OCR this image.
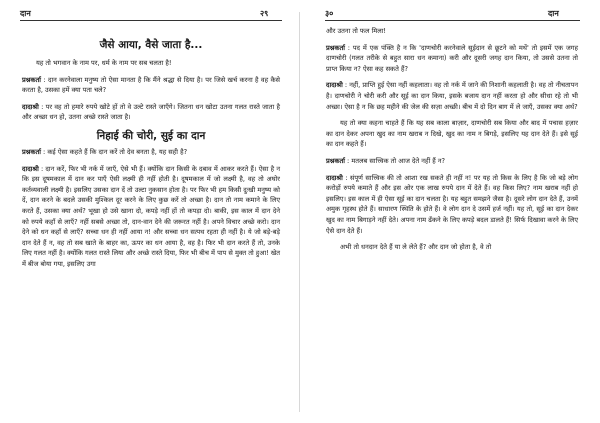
दान	२९
जैसे आया, वैसे जाता है...

यह तो भगवान के नाम पर, धर्म के नाम पर सब चलता है!

प्रश्नकर्ता : दान करनेवाला मनुष्य तो ऐसा मानता है कि मैंने श्रद्धा से दिया है। पर जिसे खर्च करना है वह कैसे करता है, उसका हमें क्या पता चले?

दादाश्री : पर वह तो हमारे रुपये खोटे हों तो वे उल्टे रास्ते जाएँगे। जितना धन खोटा उतना गलत रास्ते जाता है और अच्छा धन हो, उतना अच्छे रास्ते जाता है।

निहाई की चोरी, सुई का दान

प्रश्नकर्ता : कई ऐसा कहते हैं कि दान करें तो देव बनता है, यह सही है?

दादाश्री : दान करें, फिर भी नर्क में जाएँ, ऐसे भी हैं। क्योंकि दान किसी के दबाव में आकर करते हैं। ऐसा है न कि इस दूषमकाल में दान कर पाएँ ऐसी लक्ष्मी ही नहीं होती है। दूषमकाल में जो लक्ष्मी है, वह तो अघोर कर्तव्यवाली लक्ष्मी है। इसलिए उसका दान दें तो उल्टा नुकसान होता है। पर फिर भी हम किसी दुःखी मनुष्य को दें, दान करने के बदले उसकी मुश्किल दूर करने के लिए कुछ करें तो अच्छा है। दान तो नाम कमाने के लिए करते हैं, उसका क्या अर्थ? भूखा हो उसे खाना दो, कपड़े नहीं हों तो कपड़ा दो। बाकी, इस काल में दान देने को रुपये कहाँ से लाएँ? नहीं सबसे अच्छा तो, दान-वान देने की जरूरत नहीं है। अपने विचार अच्छे करो। दान देने को धन कहाँ से लाएँ? सच्चा धन ही नहीं आया न! और सच्चा धन सत्पथ रहता ही नहीं है। ये जो बड़े-बड़े दान देते हैं न, वह तो सब खाते के बाहर का, ऊपर का धन आया है, वह है। फिर भी दान करते हैं तो, उनके लिए गलत नहीं है। क्योंकि गलत रास्ते लिया और अच्छे रास्ते दिया, फिर भी बीच में पाप से मुक्त तो हुआ! खेत में बीज बोया गया, इसलिए उगा

३०	दान

और उतना तो फल मिला!

प्रश्नकर्ता : पद में एक पंक्ति है न कि 'दाणचोरी करनेवाले सूईदान से छूटने को मथें' तो इसमें एक जगह दाणचोरी (गलत तरीके से बहुत सारा धन कमाना) करी और दूसरी जगह दान किया, तो उससे उतना तो प्राप्त किया न? ऐसा कह सकते हैं?

दादाश्री : नहीं, प्राप्ति हुई ऐसा नहीं कहलाता। वह तो नर्क में जाने की निशानी कहलाती है। वह तो नीचतापन है। दाणचोरी ने चोरी करी और सूई का दान किया, इसके बजाय दान नहीं करता हो और सीधा रहे तो भी अच्छा। ऐसा है न कि छह महीने की जेल की सज़ा अच्छी। बीच में दो दिन बाग में ले जाएँ, उसका क्या अर्थ?

यह तो क्या कहना चाहते हैं कि यह सब काला बाज़ार, दाणचोरी सब किया और बाद में पचास हज़ार का दान देकर अपना खुद का नाम खराब न दिखे, खुद का नाम न बिगड़े, इसलिए यह दान देते हैं। इसे सूई का दान कहते हैं।

प्रश्नकर्ता : मतलब सात्त्विक तो आज देते नहीं हैं न?

दादाश्री : संपूर्ण सात्त्विक की तो आशा रख सकते ही नहीं न! पर यह तो किस के लिए है कि जो बड़े लोग करोड़ों रुपये कमाते हैं और इस ओर एक लाख रुपये दान में देते हैं। वह किस लिए? नाम खराब नहीं हो इसलिए। इस काल में ही ऐसा सूई का दान चलता है। यह बहुत समझने जैसा है। दूसरे लोग दान देते हैं, उनमें अमुक गृहस्थ होते हैं। साधारण स्थिति के होते हैं। वे लोग दान दे उसमें हर्ज नहीं। यह तो, सूई का दान देकर खुद का नाम बिगाड़ने नहीं देते। अपना नाम ढँकने के लिए कपड़े बदल डालते हैं! सिर्फ दिखावा करने के लिए ऐसे दान देते हैं।

अभी तो धनदान देते हैं या ले लेते हैं? और दान जो होता है, वे तो
